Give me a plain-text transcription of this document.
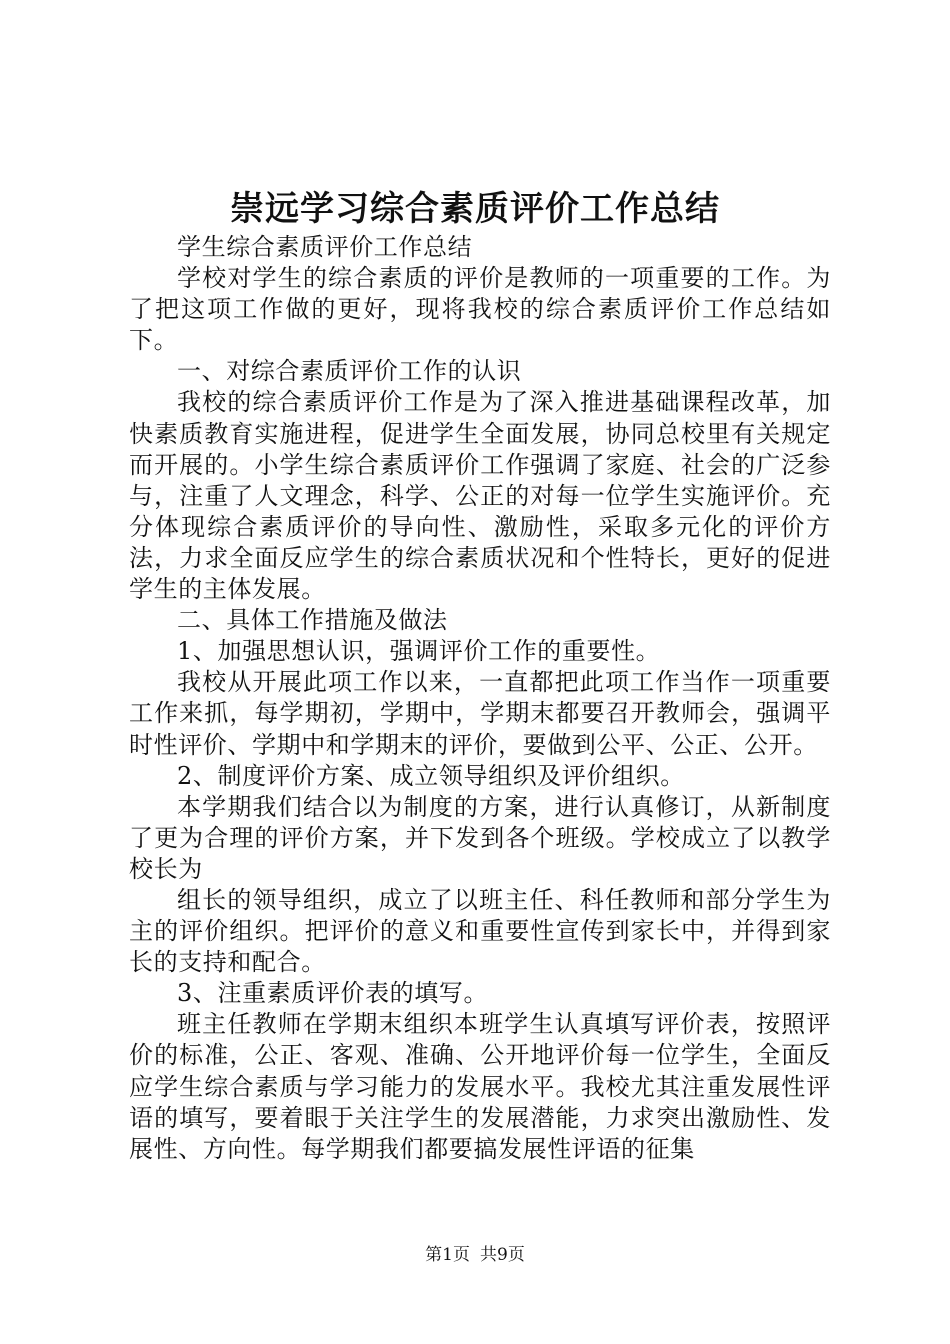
崇远学习综合素质评价工作总结

学生综合素质评价工作总结

学校对学生的综合素质的评价是教师的一项重要的工作。为了把这项工作做的更好，现将我校的综合素质评价工作总结如下。

一、对综合素质评价工作的认识

我校的综合素质评价工作是为了深入推进基础课程改革，加快素质教育实施进程，促进学生全面发展，协同总校里有关规定而开展的。小学生综合素质评价工作强调了家庭、社会的广泛参与，注重了人文理念，科学、公正的对每一位学生实施评价。充分体现综合素质评价的导向性、激励性，采取多元化的评价方法，力求全面反应学生的综合素质状况和个性特长，更好的促进学生的主体发展。

二、具体工作措施及做法

1、加强思想认识，强调评价工作的重要性。

我校从开展此项工作以来，一直都把此项工作当作一项重要工作来抓，每学期初，学期中，学期末都要召开教师会，强调平时性评价、学期中和学期末的评价，要做到公平、公正、公开。

2、制度评价方案、成立领导组织及评价组织。

本学期我们结合以为制度的方案，进行认真修订，从新制度了更为合理的评价方案，并下发到各个班级。学校成立了以教学校长为

组长的领导组织，成立了以班主任、科任教师和部分学生为主的评价组织。把评价的意义和重要性宣传到家长中，并得到家长的支持和配合。

3、注重素质评价表的填写。

班主任教师在学期末组织本班学生认真填写评价表，按照评价的标准，公正、客观、准确、公开地评价每一位学生，全面反应学生综合素质与学习能力的发展水平。我校尤其注重发展性评语的填写，要着眼于关注学生的发展潜能，力求突出激励性、发展性、方向性。每学期我们都要搞发展性评语的征集

第1页 共9页
